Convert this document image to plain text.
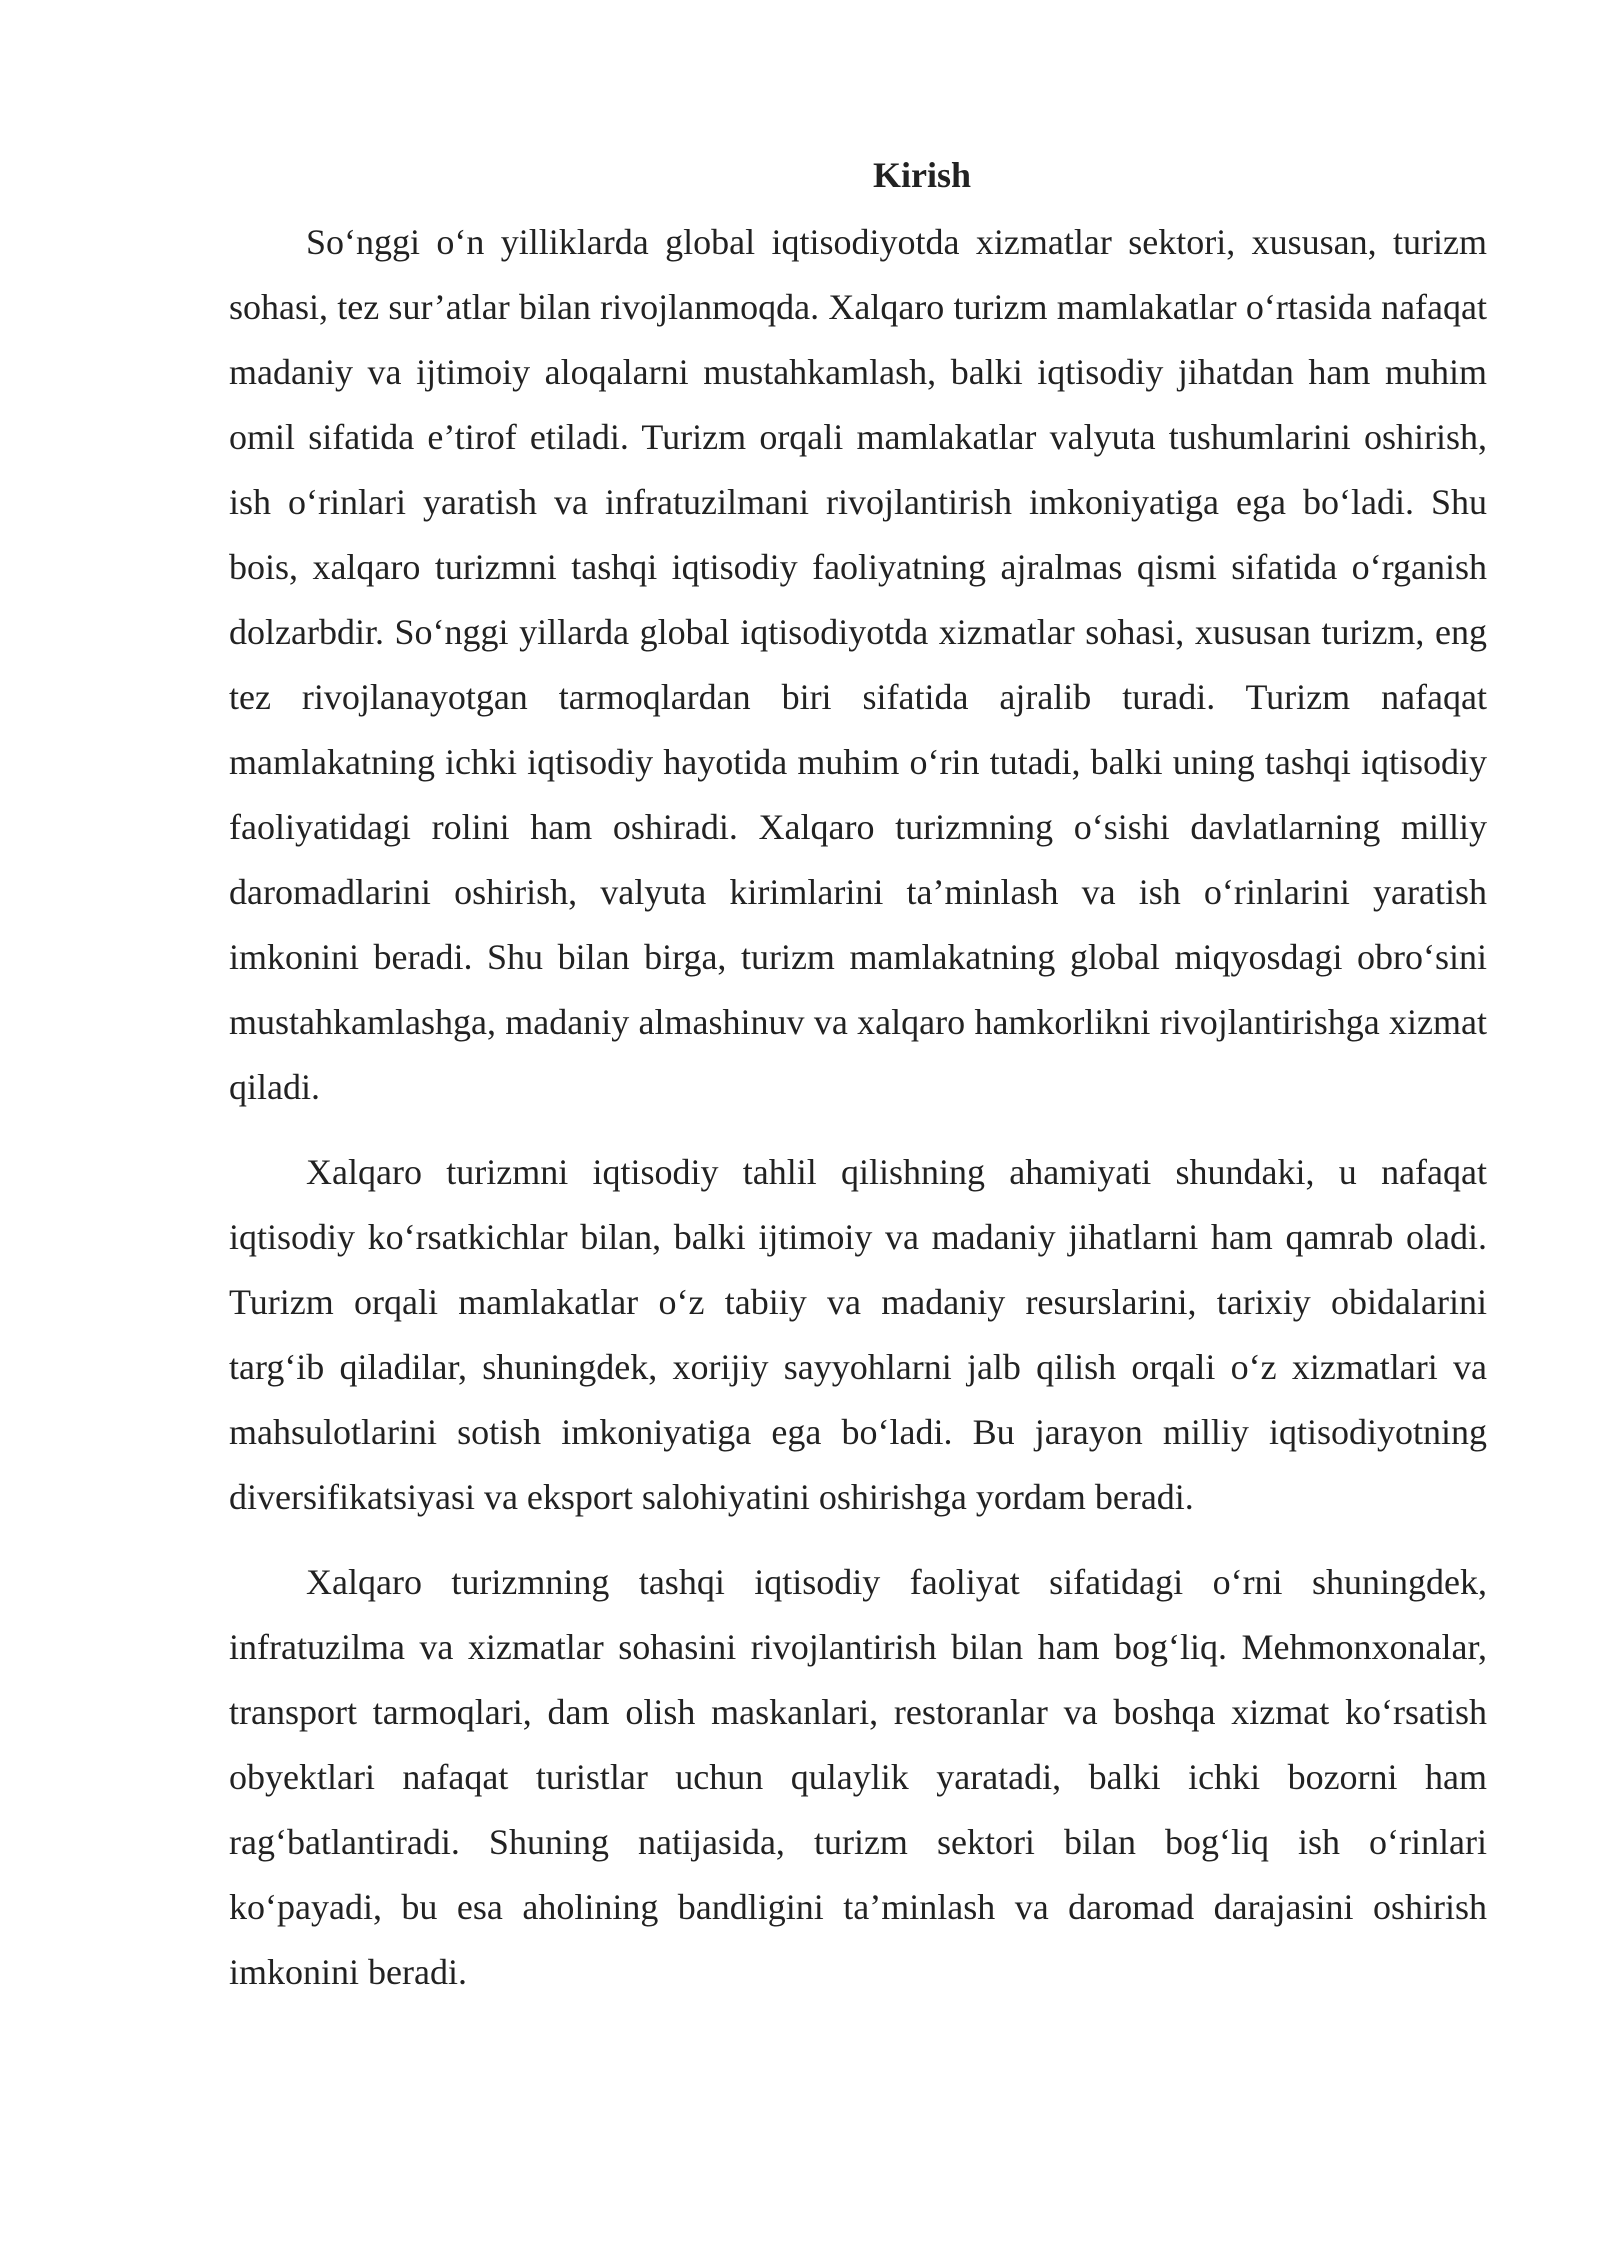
Kirish

So‘nggi o‘n yilliklarda global iqtisodiyotda xizmatlar sektori, xususan, turizm sohasi, tez sur’atlar bilan rivojlanmoqda. Xalqaro turizm mamlakatlar o‘rtasida nafaqat madaniy va ijtimoiy aloqalarni mustahkamlash, balki iqtisodiy jihatdan ham muhim omil sifatida e’tirof etiladi. Turizm orqali mamlakatlar valyuta tushumlarini oshirish, ish o‘rinlari yaratish va infratuzilmani rivojlantirish imkoniyatiga ega bo‘ladi. Shu bois, xalqaro turizmni tashqi iqtisodiy faoliyatning ajralmas qismi sifatida o‘rganish dolzarbdir. So‘nggi yillarda global iqtisodiyotda xizmatlar sohasi, xususan turizm, eng tez rivojlanayotgan tarmoqlardan biri sifatida ajralib turadi. Turizm nafaqat mamlakatning ichki iqtisodiy hayotida muhim o‘rin tutadi, balki uning tashqi iqtisodiy faoliyatidagi rolini ham oshiradi. Xalqaro turizmning o‘sishi davlatlarning milliy daromadlarini oshirish, valyuta kirimlarini ta’minlash va ish o‘rinlarini yaratish imkonini beradi. Shu bilan birga, turizm mamlakatning global miqyosdagi obro‘sini mustahkamlashga, madaniy almashinuv va xalqaro hamkorlikni rivojlantirishga xizmat qiladi.

Xalqaro turizmni iqtisodiy tahlil qilishning ahamiyati shundaki, u nafaqat iqtisodiy ko‘rsatkichlar bilan, balki ijtimoiy va madaniy jihatlarni ham qamrab oladi. Turizm orqali mamlakatlar o‘z tabiiy va madaniy resurslarini, tarixiy obidalarini targ‘ib qiladilar, shuningdek, xorijiy sayyohlarni jalb qilish orqali o‘z xizmatlari va mahsulotlarini sotish imkoniyatiga ega bo‘ladi. Bu jarayon milliy iqtisodiyotning diversifikatsiyasi va eksport salohiyatini oshirishga yordam beradi.

Xalqaro turizmning tashqi iqtisodiy faoliyat sifatidagi o‘rni shuningdek, infratuzilma va xizmatlar sohasini rivojlantirish bilan ham bog‘liq. Mehmonxonalar, transport tarmoqlari, dam olish maskanlari, restoranlar va boshqa xizmat ko‘rsatish obyektlari nafaqat turistlar uchun qulaylik yaratadi, balki ichki bozorni ham rag‘batlantiradi. Shuning natijasida, turizm sektori bilan bog‘liq ish o‘rinlari ko‘payadi, bu esa aholining bandligini ta’minlash va daromad darajasini oshirish imkonini beradi.
